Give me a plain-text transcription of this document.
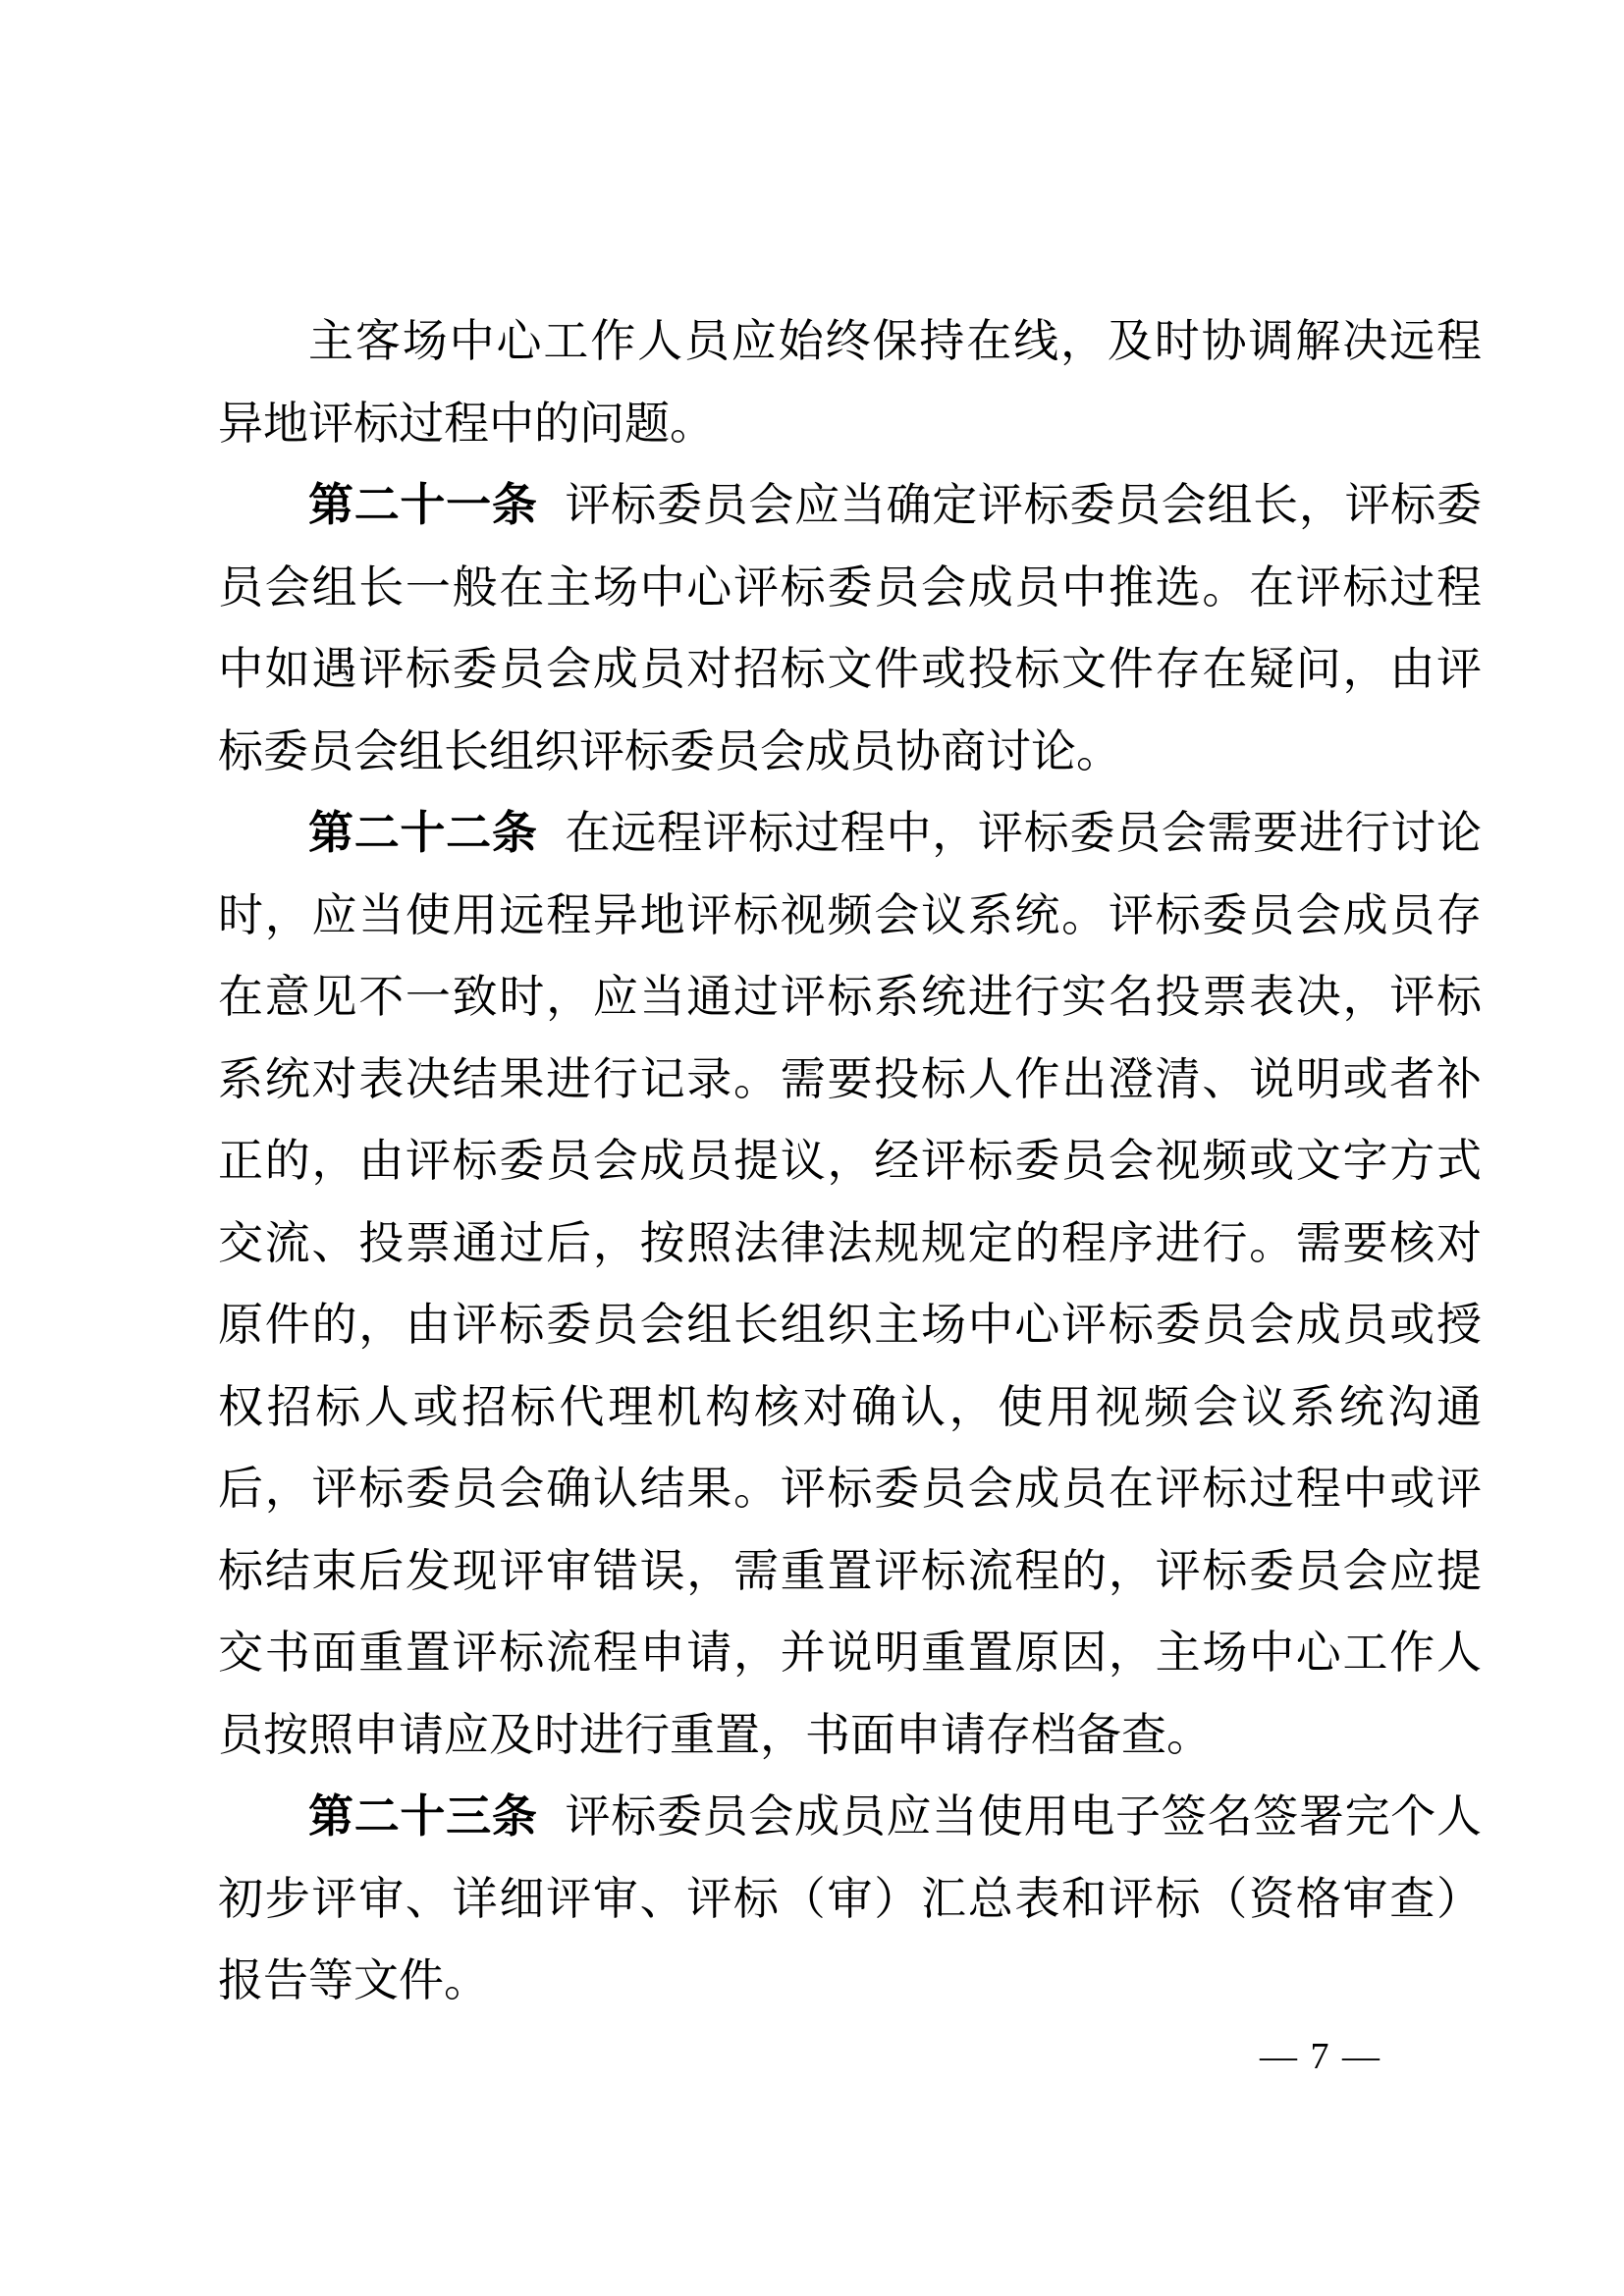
主客场中心工作人员应始终保持在线，及时协调解决远程异地评标过程中的问题。

第二十一条 评标委员会应当确定评标委员会组长，评标委员会组长一般在主场中心评标委员会成员中推选。在评标过程中如遇评标委员会成员对招标文件或投标文件存在疑问，由评标委员会组长组织评标委员会成员协商讨论。

第二十二条 在远程评标过程中，评标委员会需要进行讨论时，应当使用远程异地评标视频会议系统。评标委员会成员存在意见不一致时，应当通过评标系统进行实名投票表决，评标系统对表决结果进行记录。需要投标人作出澄清、说明或者补正的，由评标委员会成员提议，经评标委员会视频或文字方式交流、投票通过后，按照法律法规规定的程序进行。需要核对原件的，由评标委员会组长组织主场中心评标委员会成员或授权招标人或招标代理机构核对确认，使用视频会议系统沟通后，评标委员会确认结果。评标委员会成员在评标过程中或评标结束后发现评审错误，需重置评标流程的，评标委员会应提交书面重置评标流程申请，并说明重置原因，主场中心工作人员按照申请应及时进行重置，书面申请存档备查。

第二十三条 评标委员会成员应当使用电子签名签署完个人初步评审、详细评审、评标（审）汇总表和评标（资格审查）报告等文件。

— 7 —
